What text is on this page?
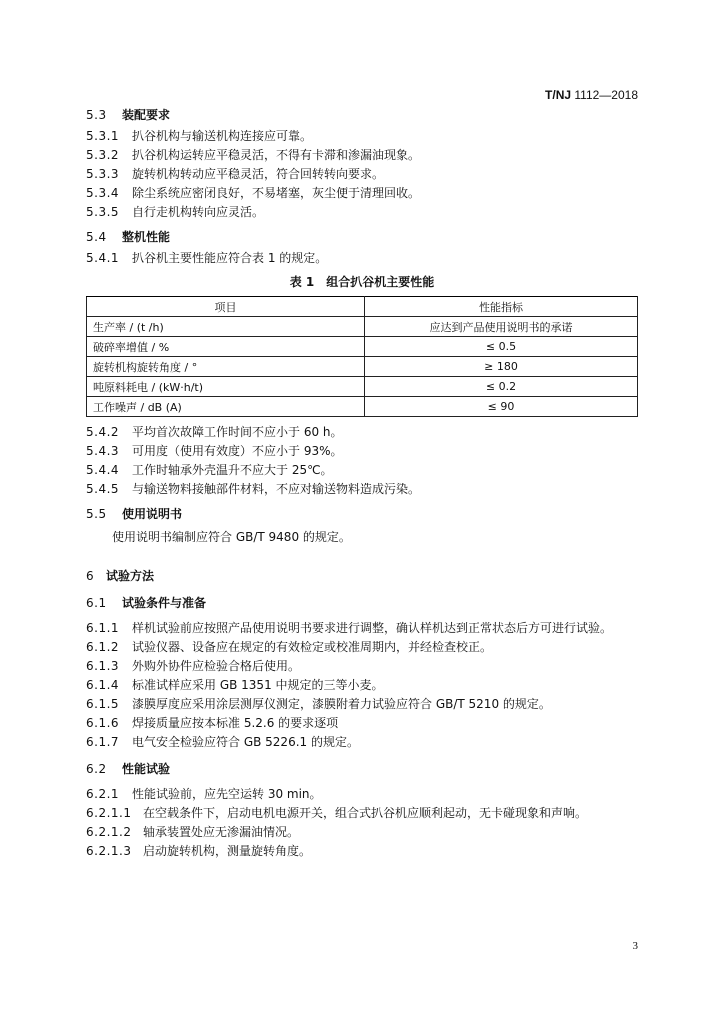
T/NJ 1112—2018
5.3 装配要求
5.3.1 扒谷机构与输送机构连接应可靠。
5.3.2 扒谷机构运转应平稳灵活，不得有卡滞和渗漏油现象。
5.3.3 旋转机构转动应平稳灵活，符合回转转向要求。
5.3.4 除尘系统应密闭良好，不易堵塞，灰尘便于清理回收。
5.3.5 自行走机构转向应灵活。
5.4 整机性能
5.4.1 扒谷机主要性能应符合表 1 的规定。
表 1　组合扒谷机主要性能
项目	性能指标
生产率 / (t /h)	应达到产品使用说明书的承诺
破碎率增值 / %	≤ 0.5
旋转机构旋转角度 / °	≥ 180
吨原料耗电 / (kW·h/t)	≤ 0.2
工作噪声 / dB (A)	≤ 90
5.4.2 平均首次故障工作时间不应小于 60 h。
5.4.3 可用度（使用有效度）不应小于 93%。
5.4.4 工作时轴承外壳温升不应大于 25℃。
5.4.5 与输送物料接触部件材料，不应对输送物料造成污染。
5.5 使用说明书
使用说明书编制应符合 GB/T 9480 的规定。
6 试验方法
6.1 试验条件与准备
6.1.1 样机试验前应按照产品使用说明书要求进行调整，确认样机达到正常状态后方可进行试验。
6.1.2 试验仪器、设备应在规定的有效检定或校准周期内，并经检查校正。
6.1.3 外购外协件应检验合格后使用。
6.1.4 标准试样应采用 GB 1351 中规定的三等小麦。
6.1.5 漆膜厚度应采用涂层测厚仪测定，漆膜附着力试验应符合 GB/T 5210 的规定。
6.1.6 焊接质量应按本标准 5.2.6 的要求逐项
6.1.7 电气安全检验应符合 GB 5226.1 的规定。
6.2 性能试验
6.2.1 性能试验前，应先空运转 30 min。
6.2.1.1 在空载条件下，启动电机电源开关，组合式扒谷机应顺利起动，无卡碰现象和声响。
6.2.1.2 轴承装置处应无渗漏油情况。
6.2.1.3 启动旋转机构，测量旋转角度。
3
